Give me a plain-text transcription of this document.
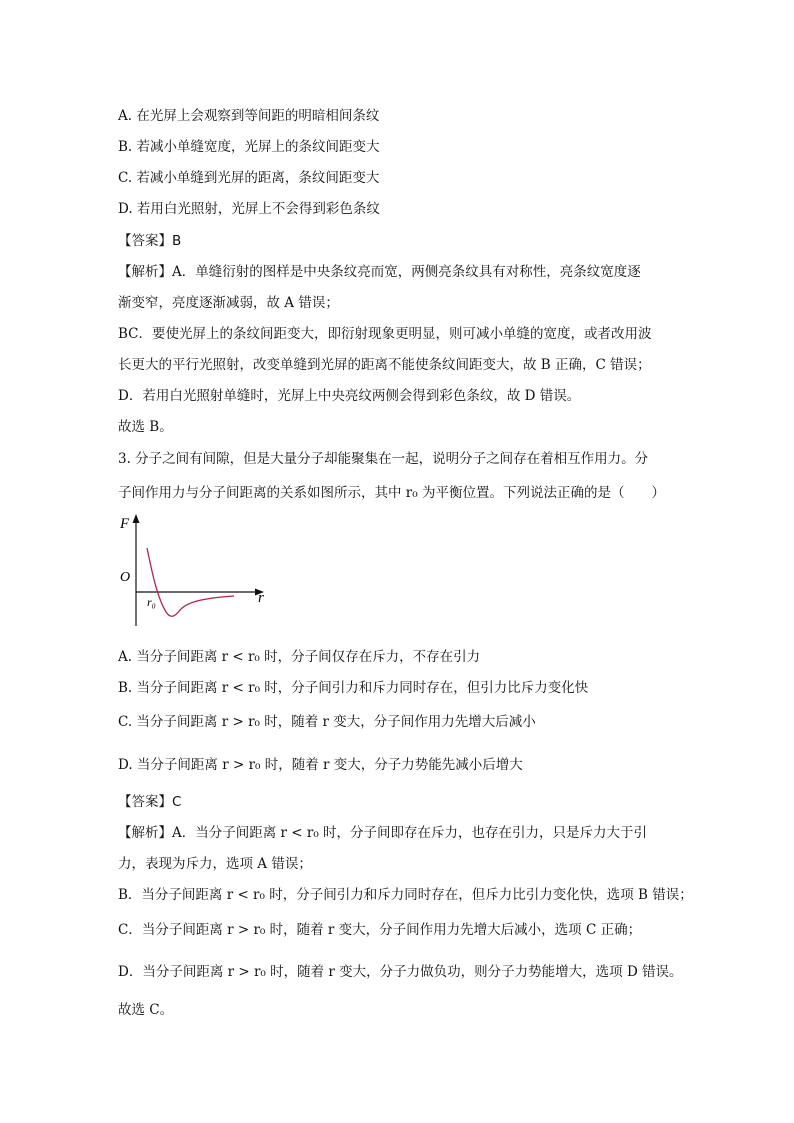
A. 在光屏上会观察到等间距的明暗相间条纹
B. 若减小单缝宽度，光屏上的条纹间距变大
C. 若减小单缝到光屏的距离，条纹间距变大
D. 若用白光照射，光屏上不会得到彩色条纹
【答案】B
【解析】A．单缝衍射的图样是中央条纹亮而宽，两侧亮条纹具有对称性，亮条纹宽度逐
渐变窄，亮度逐渐减弱，故 A 错误；
BC．要使光屏上的条纹间距变大，即衍射现象更明显，则可减小单缝的宽度，或者改用波
长更大的平行光照射，改变单缝到光屏的距离不能使条纹间距变大，故 B 正确，C 错误；
D．若用白光照射单缝时，光屏上中央亮纹两侧会得到彩色条纹，故 D 错误。
故选 B。
3. 分子之间有间隙，但是大量分子却能聚集在一起，说明分子之间存在着相互作用力。分
子间作用力与分子间距离的关系如图所示，其中 r₀ 为平衡位置。下列说法正确的是（　　）
F
O
r
r₀
A. 当分子间距离 r < r₀ 时，分子间仅存在斥力，不存在引力
B. 当分子间距离 r < r₀ 时，分子间引力和斥力同时存在，但引力比斥力变化快
C. 当分子间距离 r > r₀ 时，随着 r 变大，分子间作用力先增大后减小
D. 当分子间距离 r > r₀ 时，随着 r 变大，分子力势能先减小后增大
【答案】C
【解析】A．当分子间距离 r < r₀ 时，分子间即存在斥力，也存在引力，只是斥力大于引
力，表现为斥力，选项 A 错误；
B．当分子间距离 r < r₀ 时，分子间引力和斥力同时存在，但斥力比引力变化快，选项 B 错误；
C．当分子间距离 r > r₀ 时，随着 r 变大，分子间作用力先增大后减小，选项 C 正确；
D．当分子间距离 r > r₀ 时，随着 r 变大，分子力做负功，则分子力势能增大，选项 D 错误。
故选 C。
